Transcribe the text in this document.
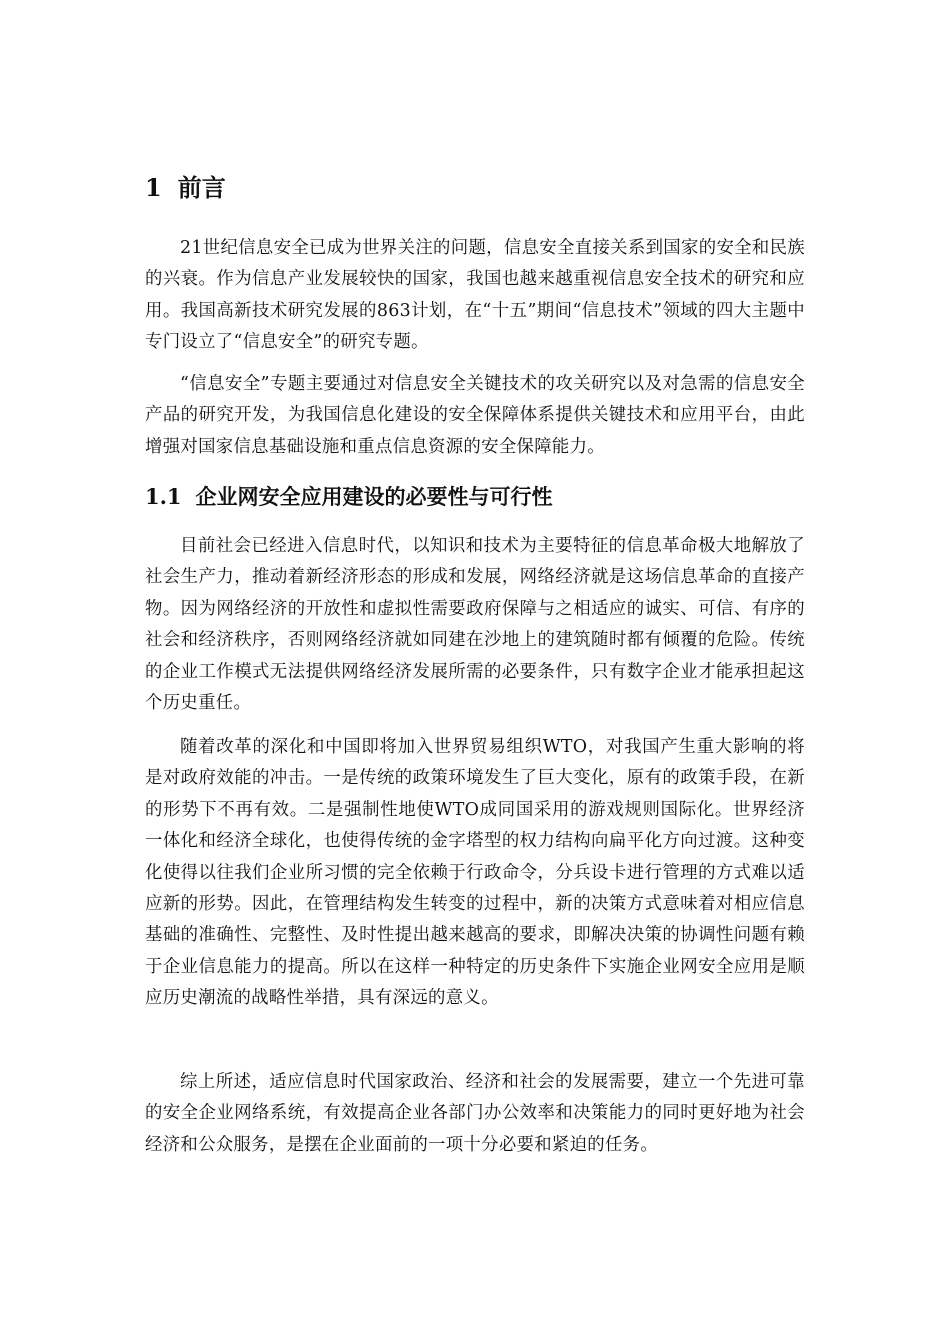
1 前言

21世纪信息安全已成为世界关注的问题，信息安全直接关系到国家的安全和民族的兴衰。作为信息产业发展较快的国家，我国也越来越重视信息安全技术的研究和应用。我国高新技术研究发展的863计划，在“十五”期间“信息技术”领域的四大主题中专门设立了“信息安全”的研究专题。

“信息安全”专题主要通过对信息安全关键技术的攻关研究以及对急需的信息安全产品的研究开发，为我国信息化建设的安全保障体系提供关键技术和应用平台，由此增强对国家信息基础设施和重点信息资源的安全保障能力。

1.1 企业网安全应用建设的必要性与可行性

目前社会已经进入信息时代，以知识和技术为主要特征的信息革命极大地解放了社会生产力，推动着新经济形态的形成和发展，网络经济就是这场信息革命的直接产物。因为网络经济的开放性和虚拟性需要政府保障与之相适应的诚实、可信、有序的社会和经济秩序，否则网络经济就如同建在沙地上的建筑随时都有倾覆的危险。传统的企业工作模式无法提供网络经济发展所需的必要条件，只有数字企业才能承担起这个历史重任。

随着改革的深化和中国即将加入世界贸易组织WTO，对我国产生重大影响的将是对政府效能的冲击。一是传统的政策环境发生了巨大变化，原有的政策手段，在新的形势下不再有效。二是强制性地使WTO成同国采用的游戏规则国际化。世界经济一体化和经济全球化，也使得传统的金字塔型的权力结构向扁平化方向过渡。这种变化使得以往我们企业所习惯的完全依赖于行政命令，分兵设卡进行管理的方式难以适应新的形势。因此，在管理结构发生转变的过程中，新的决策方式意味着对相应信息基础的准确性、完整性、及时性提出越来越高的要求，即解决决策的协调性问题有赖于企业信息能力的提高。所以在这样一种特定的历史条件下实施企业网安全应用是顺应历史潮流的战略性举措，具有深远的意义。

综上所述，适应信息时代国家政治、经济和社会的发展需要，建立一个先进可靠的安全企业网络系统，有效提高企业各部门办公效率和决策能力的同时更好地为社会经济和公众服务，是摆在企业面前的一项十分必要和紧迫的任务。
